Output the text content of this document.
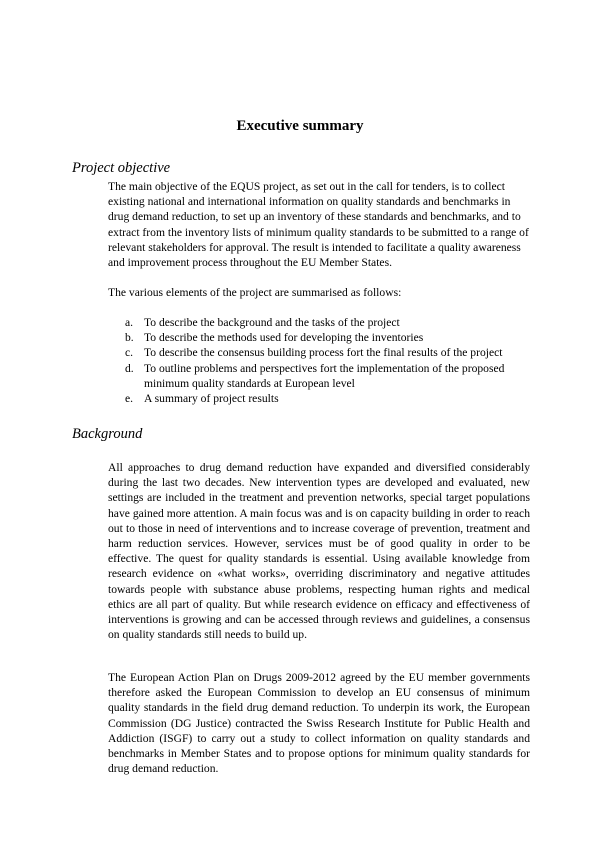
Executive summary
Project objective

The main objective of the EQUS project, as set out in the call for tenders, is to collect existing national and international information on quality standards and benchmarks in drug demand reduction, to set up an inventory of these standards and benchmarks, and to extract from the inventory lists of minimum quality standards to be submitted to a range of relevant stakeholders for approval. The result is intended to facilitate a quality awareness and improvement process throughout the EU Member States.

The various elements of the project are summarised as follows:

a. To describe the background and the tasks of the project
b. To describe the methods used for developing the inventories
c. To describe the consensus building process fort the final results of the project
d. To outline problems and perspectives fort the implementation of the proposed minimum quality standards at European level
e. A summary of project results
Background

All approaches to drug demand reduction have expanded and diversified considerably during the last two decades. New intervention types are developed and evaluated, new settings are included in the treatment and prevention networks, special target populations have gained more attention. A main focus was and is on capacity building in order to reach out to those in need of interventions and to increase coverage of prevention, treatment and harm reduction services. However, services must be of good quality in order to be effective. The quest for quality standards is essential. Using available knowledge from research evidence on «what works», overriding discriminatory and negative attitudes towards people with substance abuse problems, respecting human rights and medical ethics are all part of quality. But while research evidence on efficacy and effectiveness of interventions is growing and can be accessed through reviews and guidelines, a consensus on quality standards still needs to build up.

The European Action Plan on Drugs 2009-2012 agreed by the EU member governments therefore asked the European Commission to develop an EU consensus of minimum quality standards in the field drug demand reduction. To underpin its work, the European Commission (DG Justice) contracted the Swiss Research Institute for Public Health and Addiction (ISGF) to carry out a study to collect information on quality standards and benchmarks in Member States and to propose options for minimum quality standards for drug demand reduction.
